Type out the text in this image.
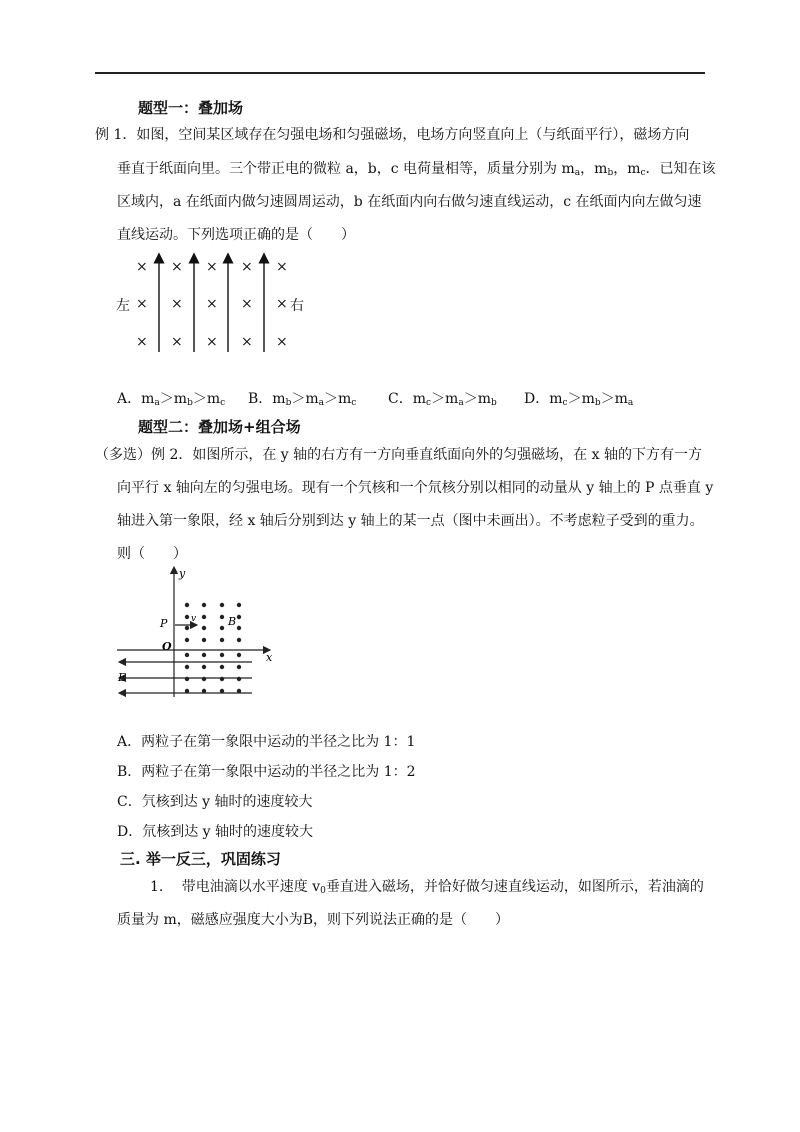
题型一：叠加场
例 1．如图，空间某区域存在匀强电场和匀强磁场，电场方向竖直向上（与纸面平行），磁场方向
垂直于纸面向里。三个带正电的微粒 a，b，c 电荷量相等，质量分别为 $m_a$，$m_b$，$m_c$．已知在该
区域内，a 在纸面内做匀速圆周运动，b 在纸面内向右做匀速直线运动，c 在纸面内向左做匀速
直线运动。下列选项正确的是（　　）
× × × × ×
× × × × ×
× × × × ×
左	右
A．$m_a>m_b>m_c$ B．$m_b>m_a>m_c$ C．$m_c>m_a>m_b$ D．$m_c>m_b>m_a$
题型二：叠加场+组合场
（多选）例 2．如图所示，在 y 轴的右方有一方向垂直纸面向外的匀强磁场，在 x 轴的下方有一方
向平行 x 轴向左的匀强电场。现有一个氕核和一个氘核分别以相同的动量从 y 轴上的 P 点垂直 y
轴进入第一象限，经 x 轴后分别到达 y 轴上的某一点（图中未画出）。不考虑粒子受到的重力。
则（　　）
y
x
P
O
B
E
v
A．两粒子在第一象限中运动的半径之比为 1：1
B．两粒子在第一象限中运动的半径之比为 1：2
C．氕核到达 y 轴时的速度较大
D．氘核到达 y 轴时的速度较大
三. 举一反三，巩固练习
1.　 带电油滴以水平速度 $v_0$垂直进入磁场，并恰好做匀速直线运动，如图所示，若油滴的
质量为 m，磁感应强度大小为B，则下列说法正确的是（　　）
